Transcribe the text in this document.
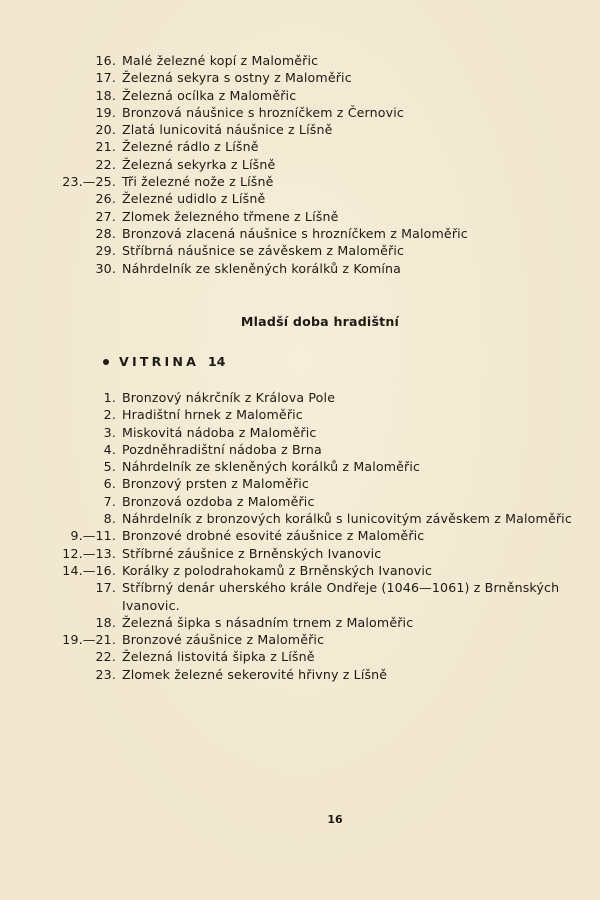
16. Malé železné kopí z Maloměřic
17. Železná sekyra s ostny z Maloměřic
18. Železná ocílka z Maloměřic
19. Bronzová náušnice s hrozníčkem z Černovic
20. Zlatá lunicovitá náušnice z Líšně
21. Železné rádlo z Líšně
22. Železná sekyrka z Líšně
23.—25. Tři železné nože z Líšně
26. Železné udidlo z Líšně
27. Zlomek železného třmene z Líšně
28. Bronzová zlacená náušnice s hrozníčkem z Maloměřic
29. Stříbrná náušnice se závěskem z Maloměřic
30. Náhrdelník ze skleněných korálků z Komína
Mladší doba hradištní
VITRINA 14
1. Bronzový nákrčník z Královа Pole
2. Hradištní hrnek z Maloměřic
3. Miskovitá nádoba z Maloměřic
4. Pozdněhradištní nádoba z Brna
5. Náhrdelník ze skleněných korálků z Maloměřic
6. Bronzový prsten z Maloměřic
7. Bronzová ozdoba z Maloměřic
8. Náhrdelník z bronzových korálků s lunicovitým závěskem z Maloměřic
9.—11. Bronzové drobné esovité záušnice z Maloměřic
12.—13. Stříbrné záušnice z Brněnských Ivanovic
14.—16. Korálky z polodrahokamů z Brněnských Ivanovic
17. Stříbrný denár uherského krále Ondřeje (1046—1061) z Brněnských Ivanovic.
18. Železná šipka s násadním trnem z Maloměřic
19.—21. Bronzové záušnice z Maloměřic
22. Železná listovitá šipka z Líšně
23. Zlomek železné sekerovité hřivny z Líšně
16
